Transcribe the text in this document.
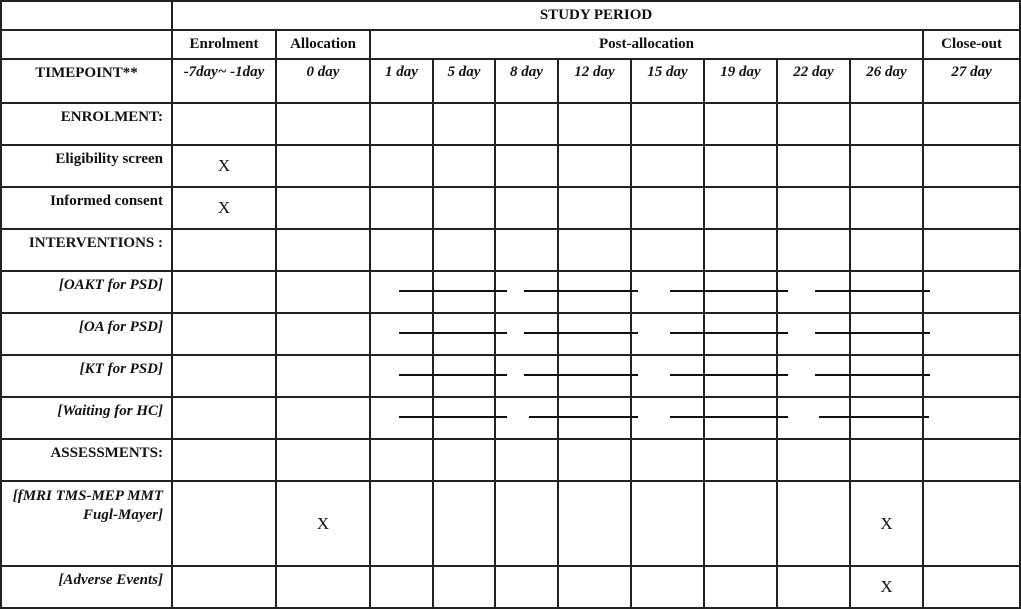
	STUDY PERIOD										
	Enrolment	Allocation	Post-allocation								Close-out
TIMEPOINT**	-7day~ -1day	0 day	1 day	5 day	8 day	12 day	15 day	19 day	22 day	26 day	27 day
ENROLMENT:											
Eligibility screen	X										
Informed consent	X										
INTERVENTIONS :											
[OAKT for PSD]			

[OA for PSD]			

[KT for PSD]			

[Waiting for HC]			

ASSESSMENTS:											
[fMRI TMS-MEP MMT Fugl-Mayer]		X								X	
[Adverse Events]										X	
